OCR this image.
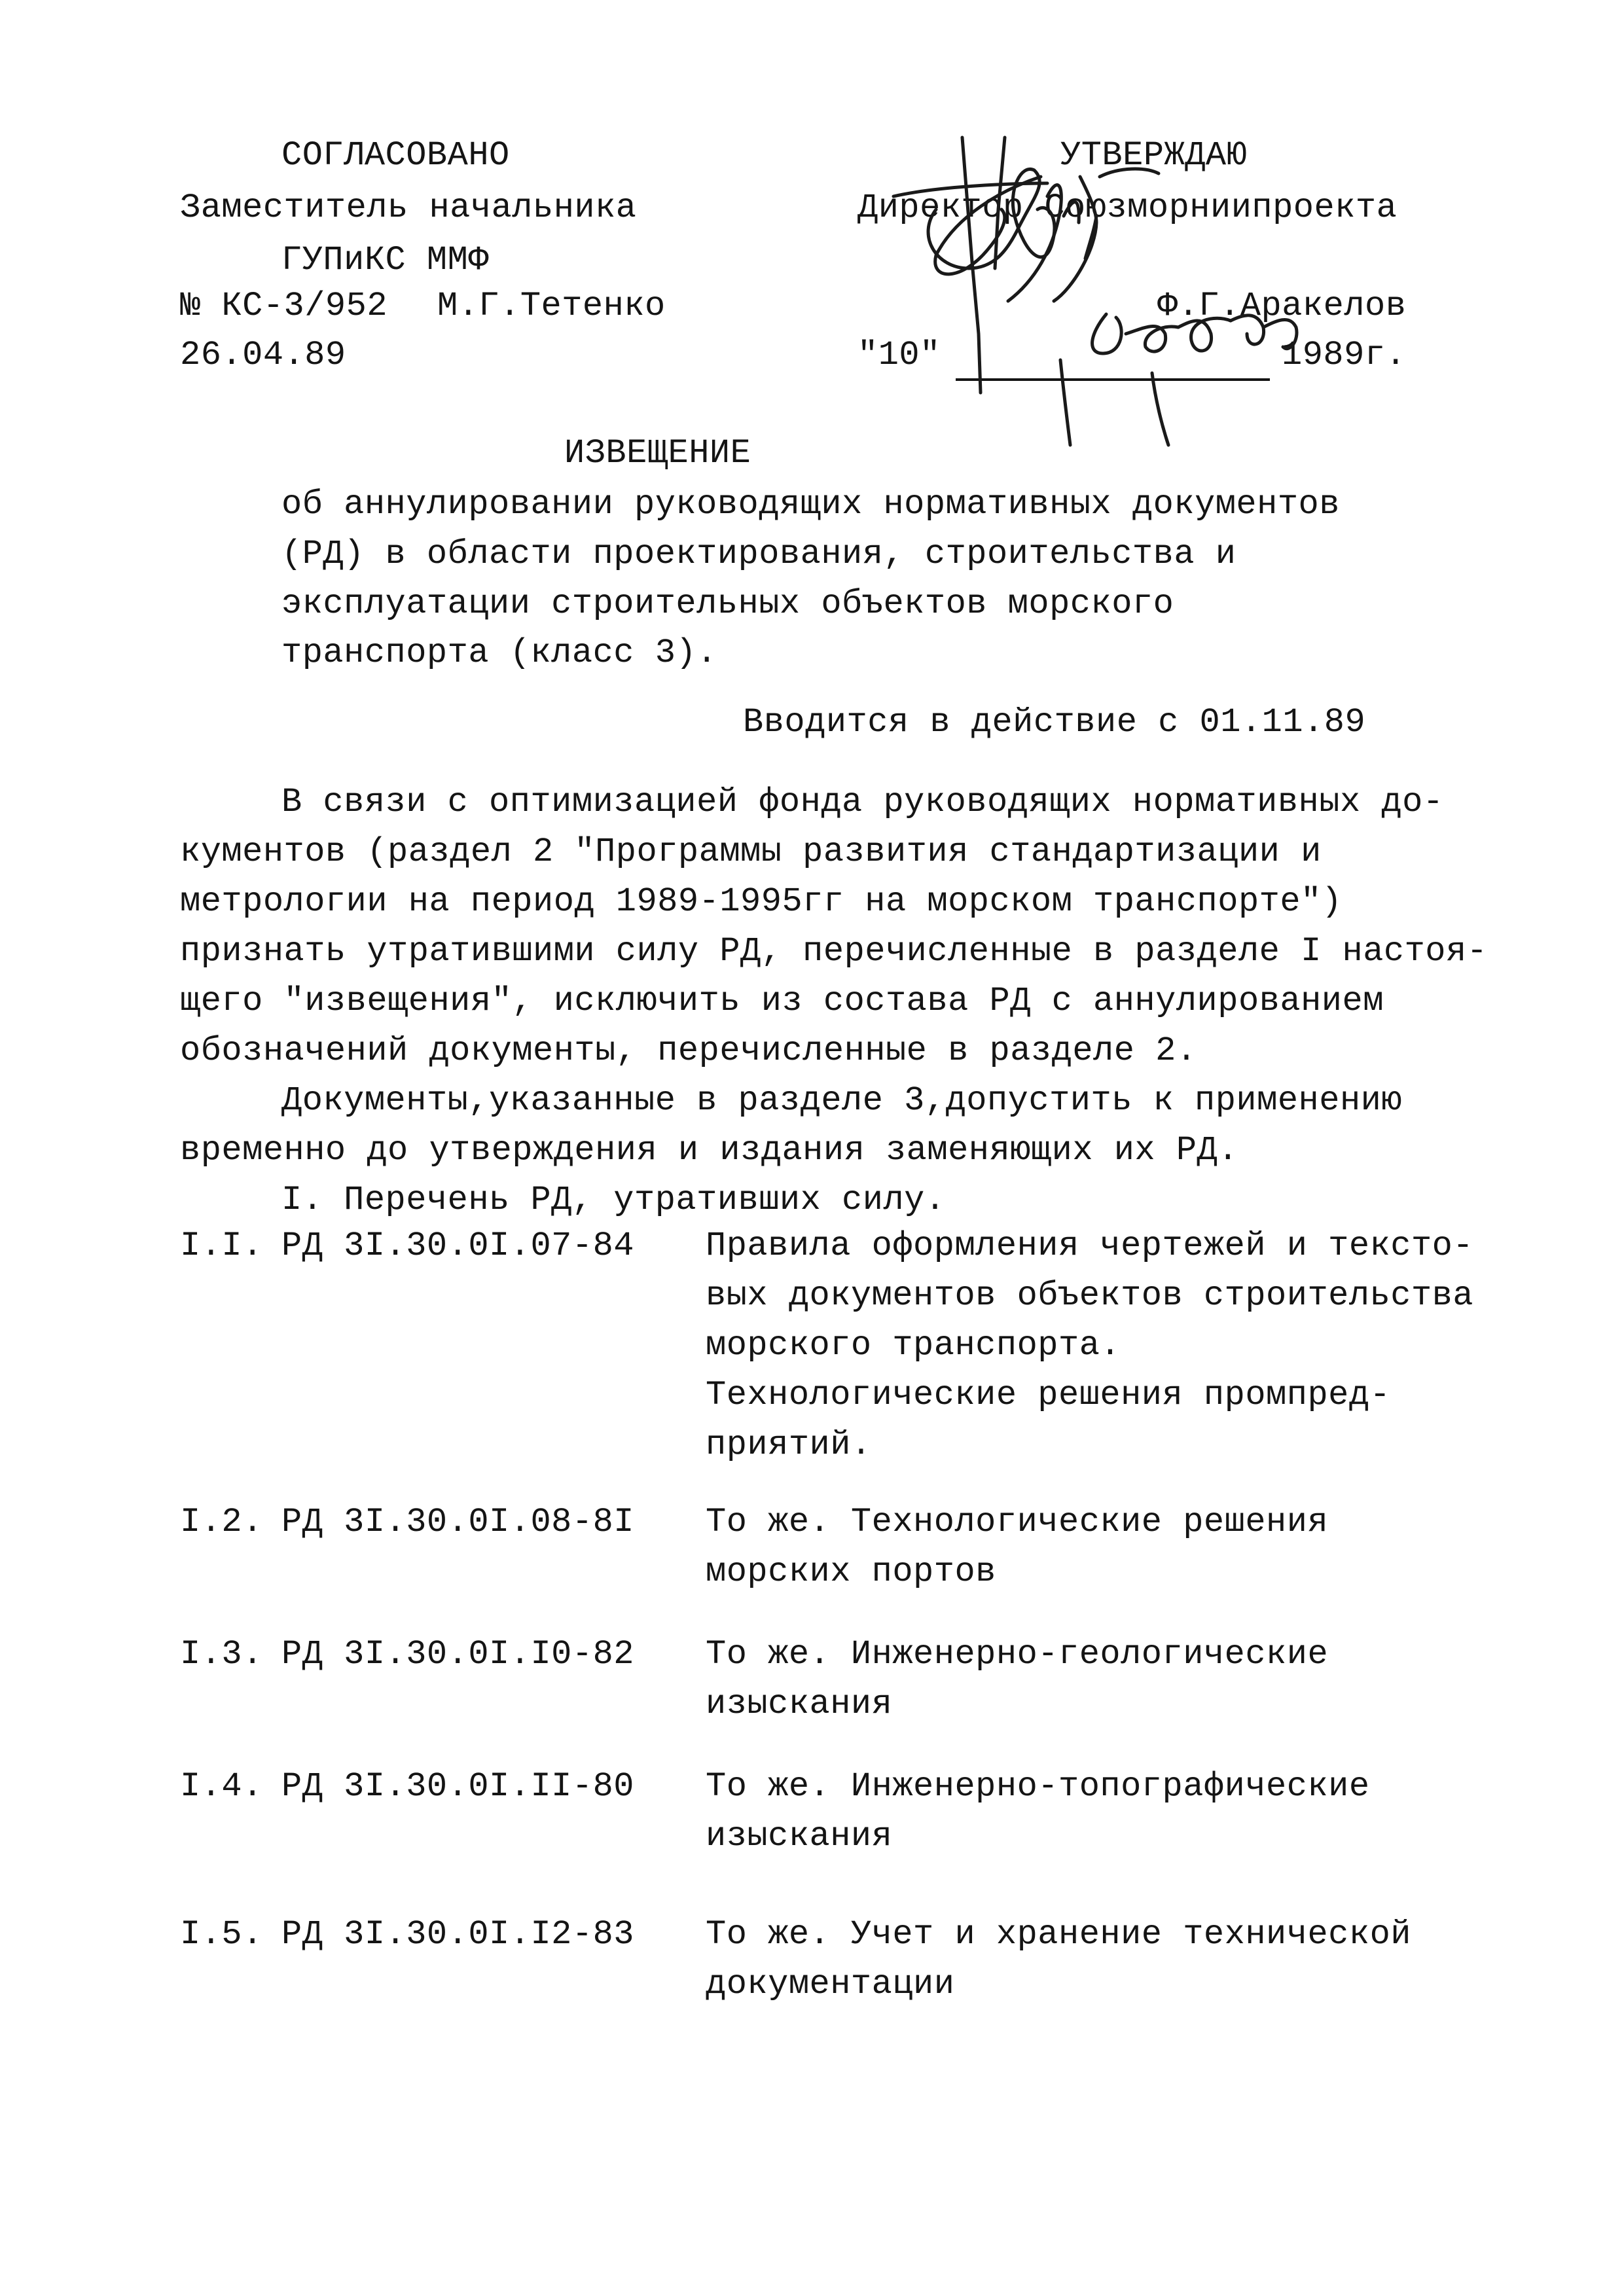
СОГЛАСОВАНО
Заместитель начальника
ГУПиКС ММФ
№ КС-3/952 М.Г.Тетенко
26.04.89
УТВЕРЖДАЮ
Директор Союзморниипроекта
Ф.Г.Аракелов
"10"	1989г.
ИЗВЕЩЕНИЕ
об аннулировании руководящих нормативных документов
(РД) в области проектирования, строительства и
эксплуатации строительных объектов морского
транспорта (класс 3).
Вводится в действие с 01.11.89
В связи с оптимизацией фонда руководящих нормативных до-
кументов (раздел 2 "Программы развития стандартизации и
метрологии на период 1989-1995гг на морском транспорте")
признать утратившими силу РД, перечисленные в разделе I настоя-
щего "извещения", исключить из состава РД с аннулированием
обозначений документы, перечисленные в разделе 2.
Документы,указанные в разделе 3,допустить к применению
временно до утверждения и издания заменяющих их РД.
I. Перечень РД, утративших силу.
I.I. РД 3I.30.0I.07-84 Правила оформления чертежей и тексто-
вых документов объектов строительства
морского транспорта.
Технологические решения промпред-
приятий.
I.2. РД 3I.30.0I.08-8I То же. Технологические решения
морских портов
I.3. РД 3I.30.0I.I0-82 То же. Инженерно-геологические
изыскания
I.4. РД 3I.30.0I.II-80 То же. Инженерно-топографические
изыскания
I.5. РД 3I.30.0I.I2-83 То же. Учет и хранение технической
документации
